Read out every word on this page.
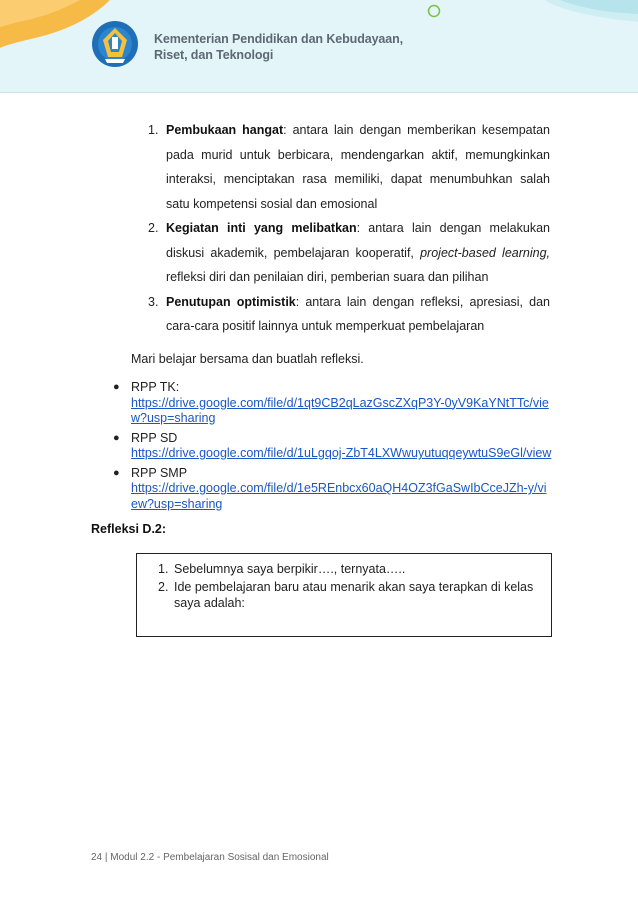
Kementerian Pendidikan dan Kebudayaan,
Riset, dan Teknologi
1. Pembukaan hangat: antara lain dengan memberikan kesempatan pada murid untuk berbicara, mendengarkan aktif, memungkinkan interaksi, menciptakan rasa memiliki, dapat menumbuhkan salah satu kompetensi sosial dan emosional
2. Kegiatan inti yang melibatkan: antara lain dengan melakukan diskusi akademik, pembelajaran kooperatif, project-based learning, refleksi diri dan penilaian diri, pemberian suara dan pilihan
3. Penutupan optimistik: antara lain dengan refleksi, apresiasi, dan cara-cara positif lainnya untuk memperkuat pembelajaran
Mari belajar bersama dan buatlah refleksi.
● RPP TK:
https://drive.google.com/file/d/1qt9CB2qLazGscZXqP3Y-0yV9KaYNtTTc/view?usp=sharing
● RPP SD
https://drive.google.com/file/d/1uLgqoj-ZbT4LXWwuyutuqqeywtuS9eGl/view
● RPP SMP
https://drive.google.com/file/d/1e5REnbcx60aQH4OZ3fGaSwIbCceJZh-y/view?usp=sharing
Refleksi D.2:
1. Sebelumnya saya berpikir…., ternyata…..
2. Ide pembelajaran baru atau menarik akan saya terapkan di kelas saya adalah:
24 | Modul 2.2 - Pembelajaran Sosisal dan Emosional
